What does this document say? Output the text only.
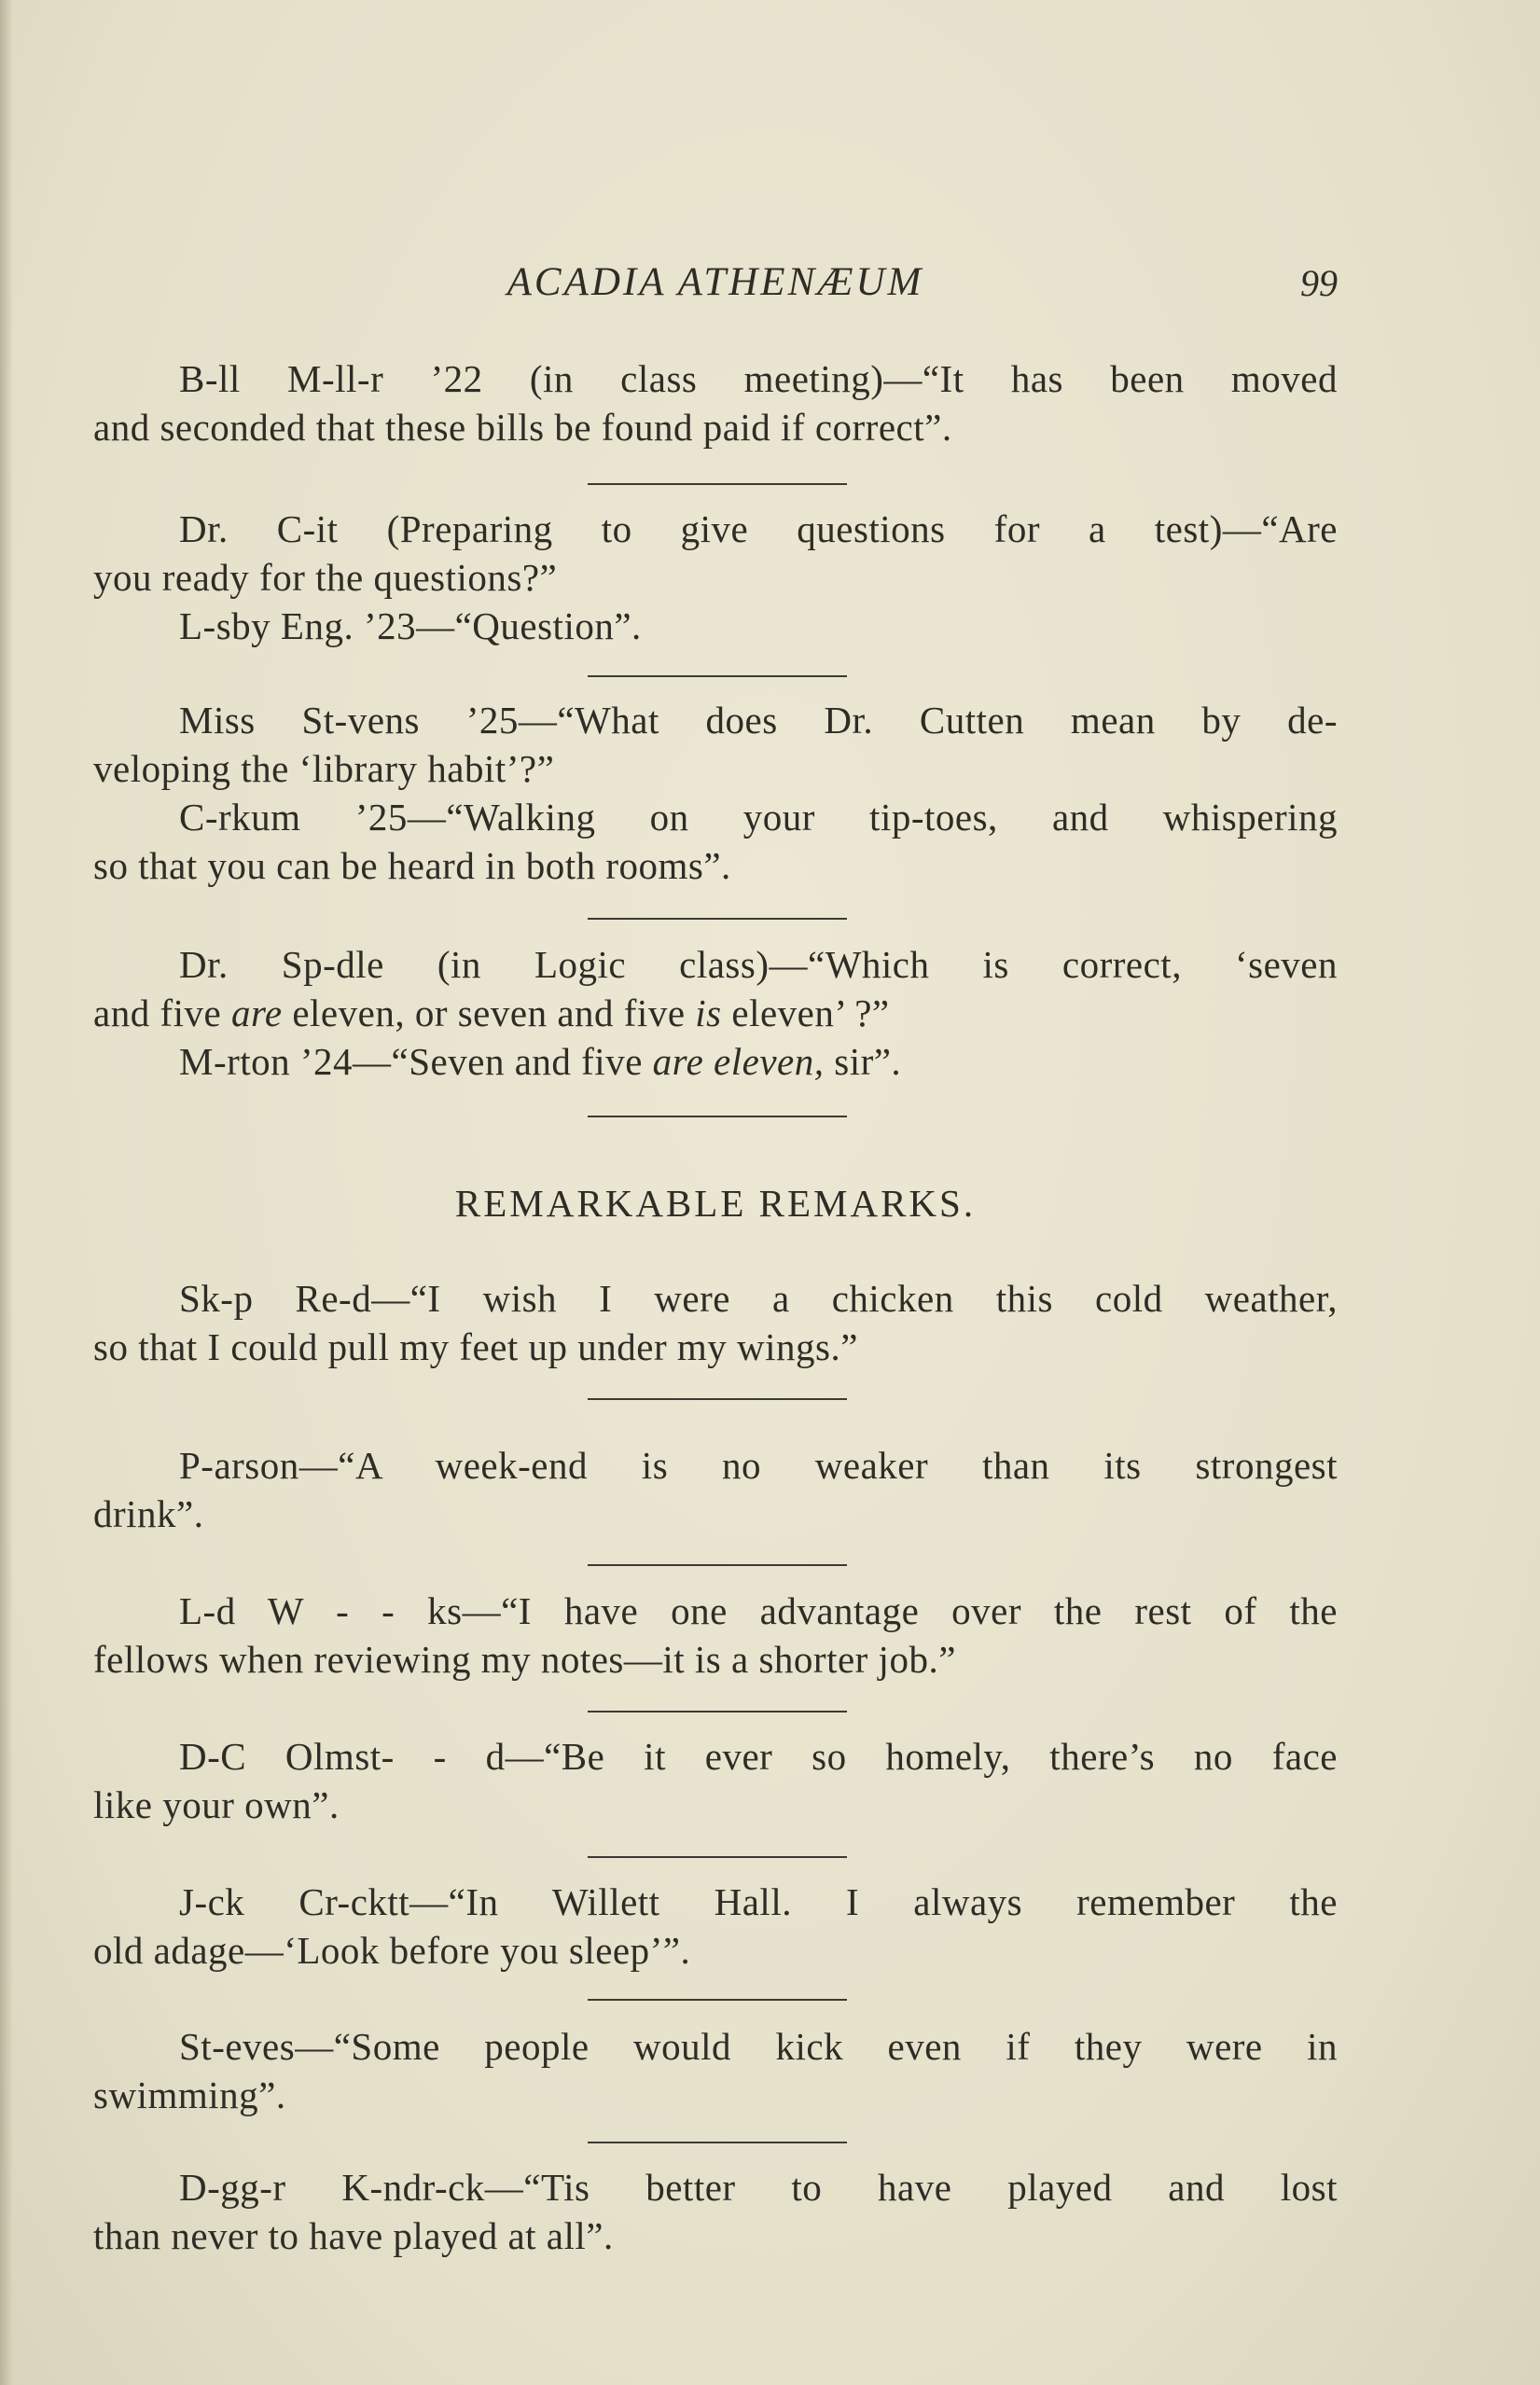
ACADIA ATHENÆUM	99

B-ll M-ll-r ’22 (in class meeting)—“It has been moved

and seconded that these bills be found paid if correct”.

Dr. C-it (Preparing to give questions for a test)—“Are

you ready for the questions?”

L-sby Eng. ’23—“Question”.

Miss St-vens ’25—“What does Dr. Cutten mean by de-

veloping the ‘library habit’?”

C-rkum ’25—“Walking on your tip-toes, and whispering

so that you can be heard in both rooms”.

Dr. Sp-dle (in Logic class)—“Which is correct, ‘seven

and five are eleven, or seven and five is eleven’ ?”

M-rton ’24—“Seven and five are eleven, sir”.

REMARKABLE REMARKS.

Sk-p Re-d—“I wish I were a chicken this cold weather,

so that I could pull my feet up under my wings.”

P-arson—“A week-end is no weaker than its strongest

drink”.

L-d W - - ks—“I have one advantage over the rest of the

fellows when reviewing my notes—it is a shorter job.”

D-C Olmst- - d—“Be it ever so homely, there’s no face

like your own”.

J-ck Cr-cktt—“In Willett Hall. I always remember the

old adage—‘Look before you sleep’”.

St-eves—“Some people would kick even if they were in

swimming”.

D-gg-r K-ndr-ck—“Tis better to have played and lost

than never to have played at all”.
